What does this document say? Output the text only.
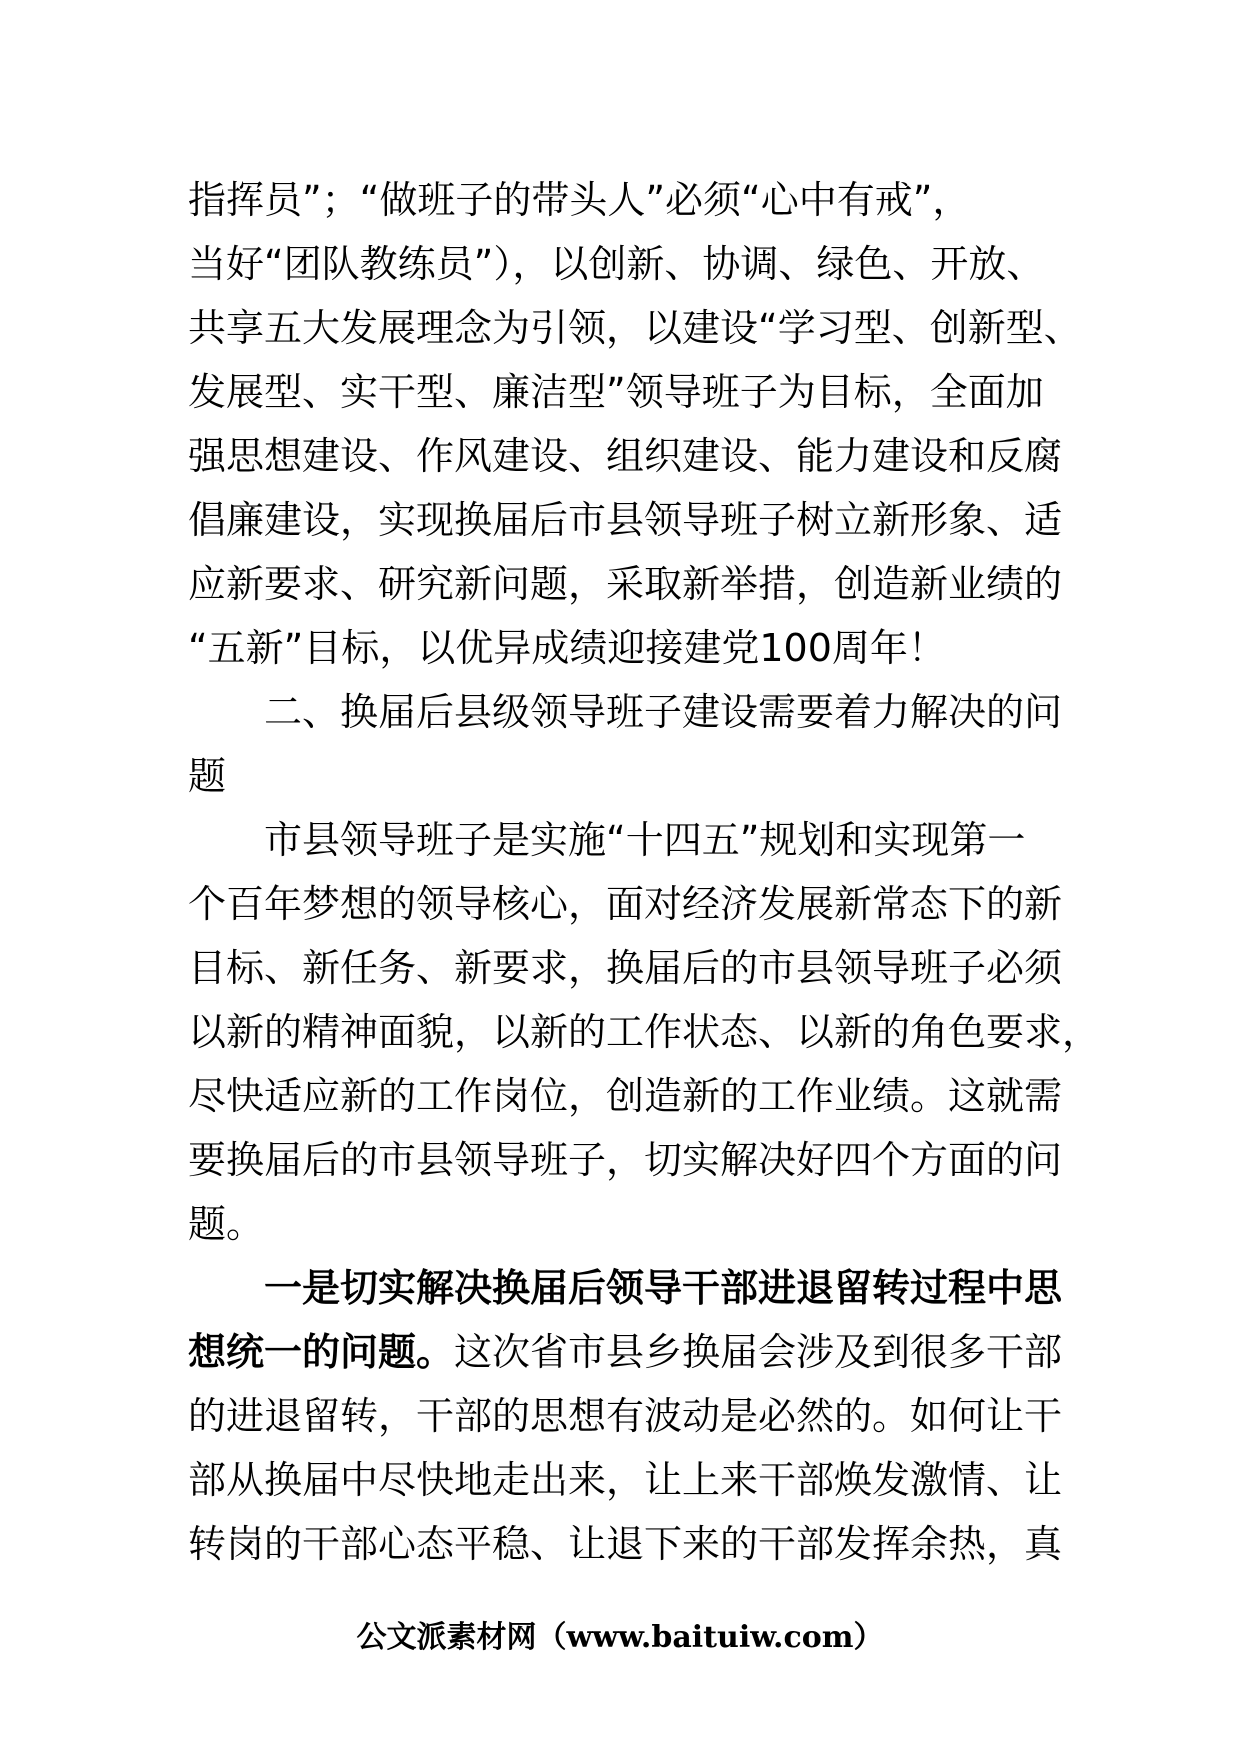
指挥员”；“做班子的带头人”必须“心中有戒”，
当好“团队教练员”），以创新、协调、绿色、开放、
共享五大发展理念为引领，以建设“学习型、创新型、
发展型、实干型、廉洁型”领导班子为目标，全面加
强思想建设、作风建设、组织建设、能力建设和反腐
倡廉建设，实现换届后市县领导班子树立新形象、适
应新要求、研究新问题，采取新举措，创造新业绩的
“五新”目标，以优异成绩迎接建党100周年！
二、换届后县级领导班子建设需要着力解决的问
题
市县领导班子是实施“十四五”规划和实现第一
个百年梦想的领导核心，面对经济发展新常态下的新
目标、新任务、新要求，换届后的市县领导班子必须
以新的精神面貌，以新的工作状态、以新的角色要求，
尽快适应新的工作岗位，创造新的工作业绩。这就需
要换届后的市县领导班子，切实解决好四个方面的问
题。
一是切实解决换届后领导干部进退留转过程中思
想统一的问题。这次省市县乡换届会涉及到很多干部
的进退留转，干部的思想有波动是必然的。如何让干
部从换届中尽快地走出来，让上来干部焕发激情、让
转岗的干部心态平稳、让退下来的干部发挥余热，真
公文派素材网（www.baituiw.com）
